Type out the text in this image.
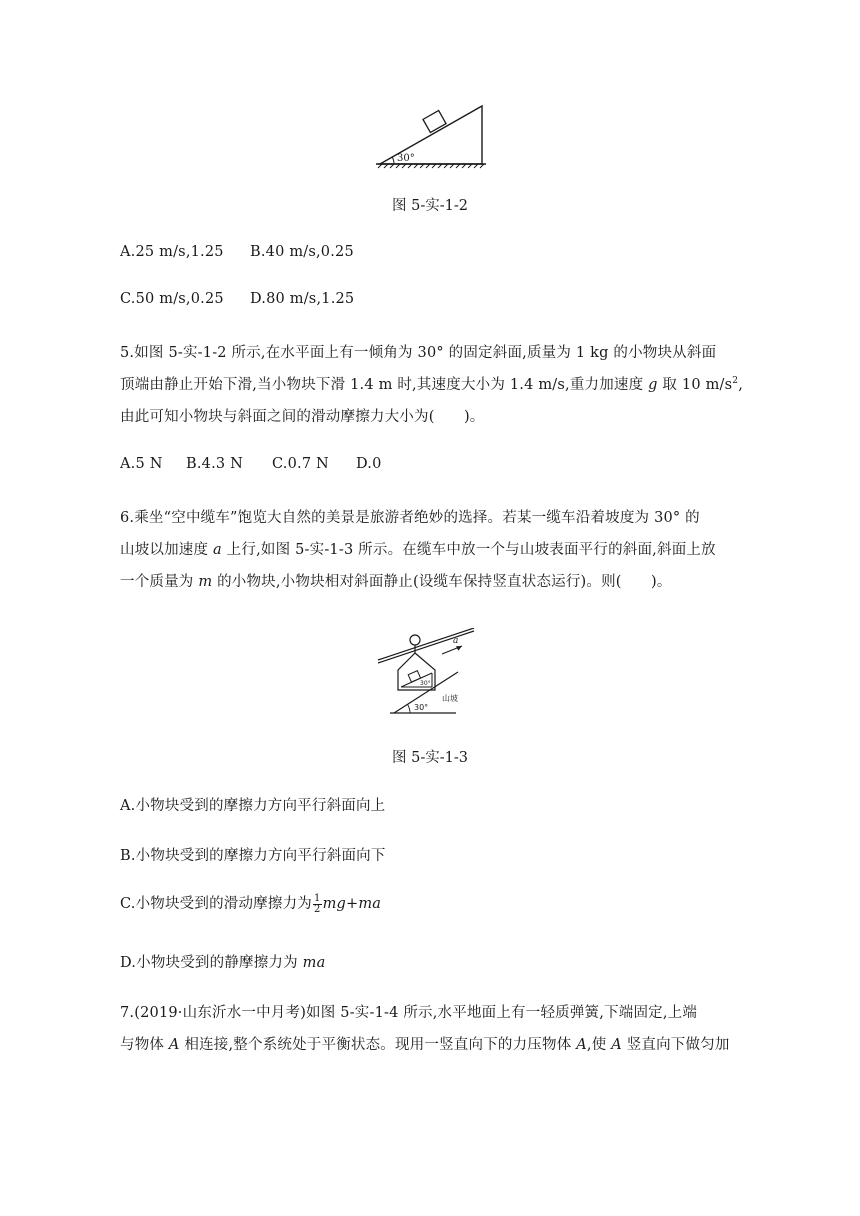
30°
图 5-实-1-2
A.25 m/s,1.25 B.40 m/s,0.25
C.50 m/s,0.25 D.80 m/s,1.25
5.如图 5-实-1-2 所示,在水平面上有一倾角为 30° 的固定斜面,质量为 1 kg 的小物块从斜面
顶端由静止开始下滑,当小物块下滑 1.4 m 时,其速度大小为 1.4 m/s,重力加速度 g 取 10 $m/s^2$,
由此可知小物块与斜面之间的滑动摩擦力大小为(　　)。
A.5 N B.4.3 N C.0.7 N D.0
6.乘坐“空中缆车”饱览大自然的美景是旅游者绝妙的选择。若某一缆车沿着坡度为 30° 的
山坡以加速度 a 上行,如图 5-实-1-3 所示。在缆车中放一个与山坡表面平行的斜面,斜面上放
一个质量为 m 的小物块,小物块相对斜面静止(设缆车保持竖直状态运行)。则(　　)。
30°
a
山坡
30°
图 5-实-1-3
A.小物块受到的摩擦力方向平行斜面向上
B.小物块受到的摩擦力方向平行斜面向下
C.小物块受到的滑动摩擦力为 $\frac{1}{2} mg+ma$
D.小物块受到的静摩擦力为 ma
7.(2019·山东沂水一中月考)如图 5-实-1-4 所示,水平地面上有一轻质弹簧,下端固定,上端
与物体 A 相连接,整个系统处于平衡状态。现用一竖直向下的力压物体 A,使 A 竖直向下做匀加
